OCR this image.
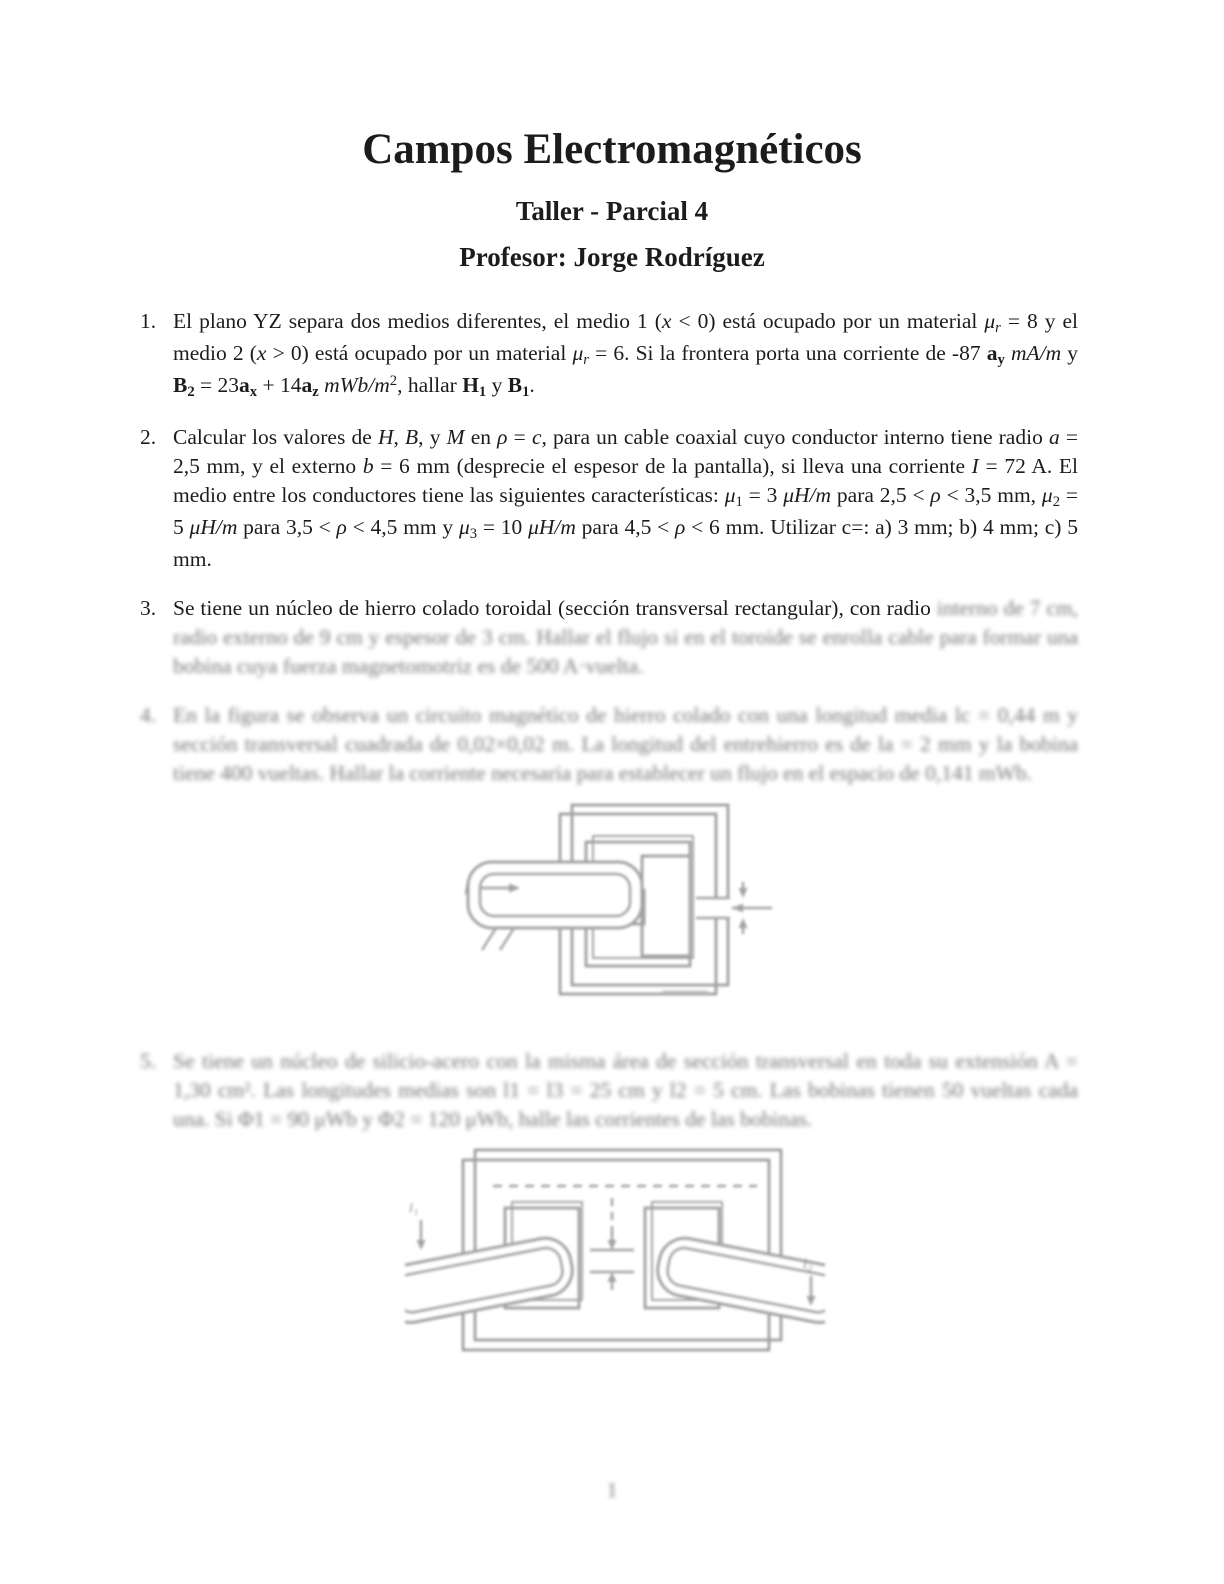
Campos Electromagnéticos
Taller - Parcial 4
Profesor: Jorge Rodríguez
1. El plano YZ separa dos medios diferentes, el medio 1 (x < 0) está ocupado por un material μr = 8 y el medio 2 (x > 0) está ocupado por un material μr = 6. Si la frontera porta una corriente de -87 ay mA/m y B2 = 23ax + 14az mWb/$m^2$, hallar H1 y B1.
2. Calcular los valores de H, B, y M en ρ = c, para un cable coaxial cuyo conductor interno tiene radio a = 2,5 mm, y el externo b = 6 mm (desprecie el espesor de la pantalla), si lleva una corriente I = 72 A. El medio entre los conductores tiene las siguientes características: μ1 = 3 μH/m para 2,5 < ρ < 3,5 mm, μ2 = 5 μH/m para 3,5 < ρ < 4,5 mm y μ3 = 10 μH/m para 4,5 < ρ < 6 mm. Utilizar c=: a) 3 mm; b) 4 mm; c) 5 mm.
3. Se tiene un núcleo de hierro colado toroidal (sección transversal rectangular), con radio interno de 7 cm, radio externo de 9 cm y espesor de 3 cm. Hallar el flujo si en el toroide se enrolla cable para formar una bobina cuya fuerza magnetomotriz es de 500 A·vuelta.
4. En la figura se observa un circuito magnético de hierro colado con una longitud media lc = 0,44 m y sección transversal cuadrada de 0,02×0,02 m. La longitud del entrehierro es de la = 2 mm y la bobina tiene 400 vueltas. Hallar la corriente necesaria para establecer un flujo en el espacio de 0,141 mWb.
i
5. Se tiene un núcleo de silicio-acero con la misma área de sección transversal en toda su extensión A = 1,30 cm². Las longitudes medias son l1 = l3 = 25 cm y l2 = 5 cm. Las bobinas tienen 50 vueltas cada una. Si Φ1 = 90 μWb y Φ2 = 120 μWb, halle las corrientes de las bobinas.
i₁
i₂
1
